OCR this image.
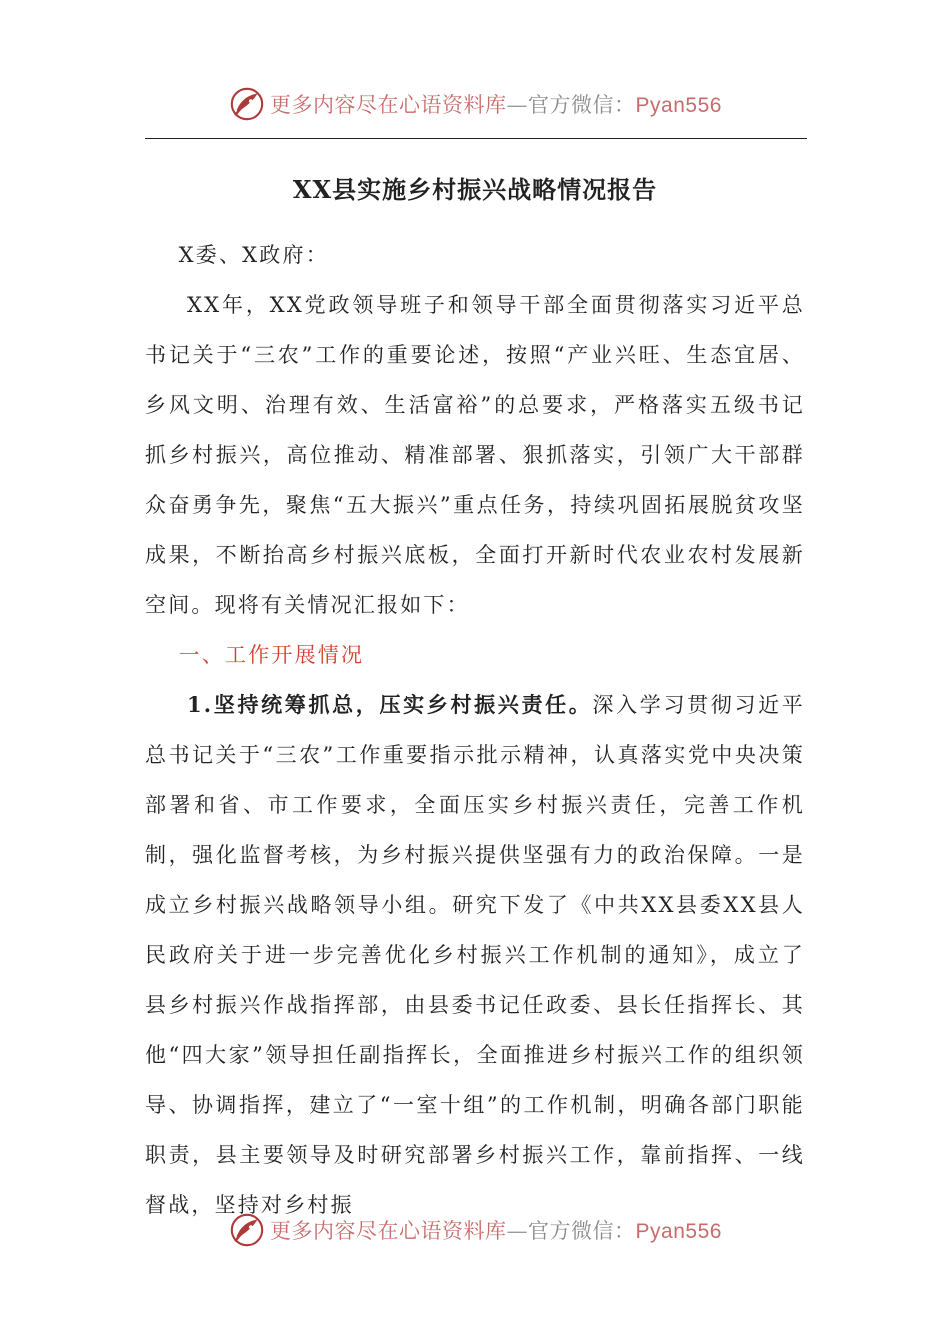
更多内容尽在心语资料库—官方微信：Pyan556
XX县实施乡村振兴战略情况报告

X委、X政府：

XX年，XX党政领导班子和领导干部全面贯彻落实习近平总书记关于“三农”工作的重要论述，按照“产业兴旺、生态宜居、乡风文明、治理有效、生活富裕”的总要求，严格落实五级书记抓乡村振兴，高位推动、精准部署、狠抓落实，引领广大干部群众奋勇争先，聚焦“五大振兴”重点任务，持续巩固拓展脱贫攻坚成果，不断抬高乡村振兴底板，全面打开新时代农业农村发展新空间。现将有关情况汇报如下：

一、工作开展情况

1.坚持统筹抓总，压实乡村振兴责任。深入学习贯彻习近平总书记关于“三农”工作重要指示批示精神，认真落实党中央决策部署和省、市工作要求，全面压实乡村振兴责任，完善工作机制，强化监督考核，为乡村振兴提供坚强有力的政治保障。一是成立乡村振兴战略领导小组。研究下发了《中共XX县委XX县人民政府关于进一步完善优化乡村振兴工作机制的通知》，成立了县乡村振兴作战指挥部，由县委书记任政委、县长任指挥长、其他“四大家”领导担任副指挥长，全面推进乡村振兴工作的组织领导、协调指挥，建立了“一室十组”的工作机制，明确各部门职能职责，县主要领导及时研究部署乡村振兴工作，靠前指挥、一线督战，坚持对乡村振

更多内容尽在心语资料库—官方微信：Pyan556
